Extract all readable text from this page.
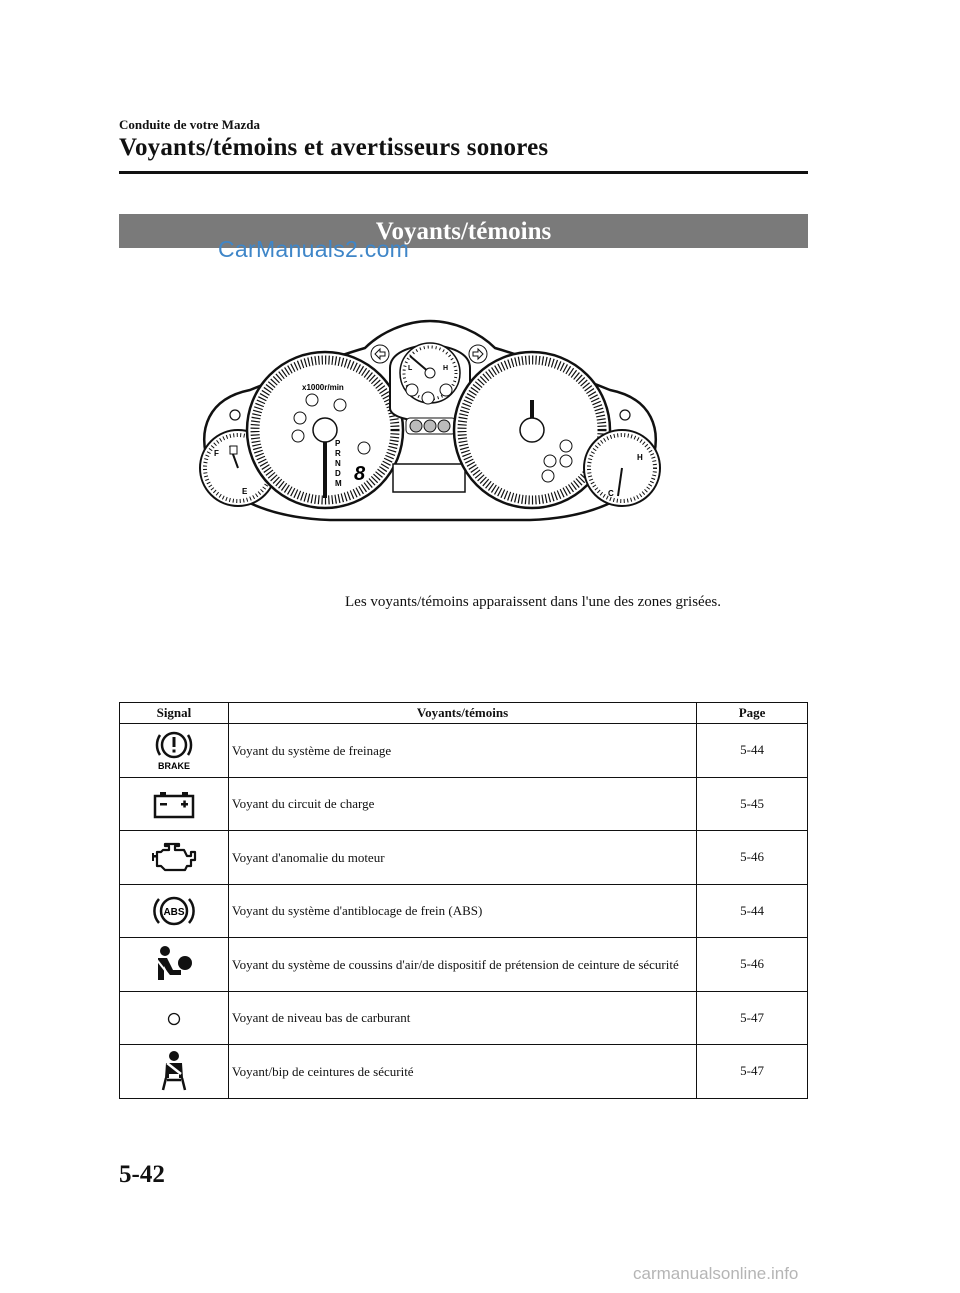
Conduite de votre Mazda
Voyants/témoins et avertisseurs sonores
Voyants/témoins
CarManuals2.com
F
E
x1000r/min
P
R
N
D
M 8
L	H
H
C
Les voyants/témoins apparaissent dans l'une des zones grisées.
Signal	Voyants/témoins	Page

BRAKE	Voyant du système de freinage	5-44
	Voyant du circuit de charge	5-45
	Voyant d'anomalie du moteur	5-46

ABS	Voyant du système d'antiblocage de frein (ABS)	5-44
	Voyant du système de coussins d'air/de dispositif de prétension de ceinture de sécurité	5-46
	Voyant de niveau bas de carburant	5-47
	Voyant/bip de ceintures de sécurité	5-47
5-42
carmanualsonline.info
